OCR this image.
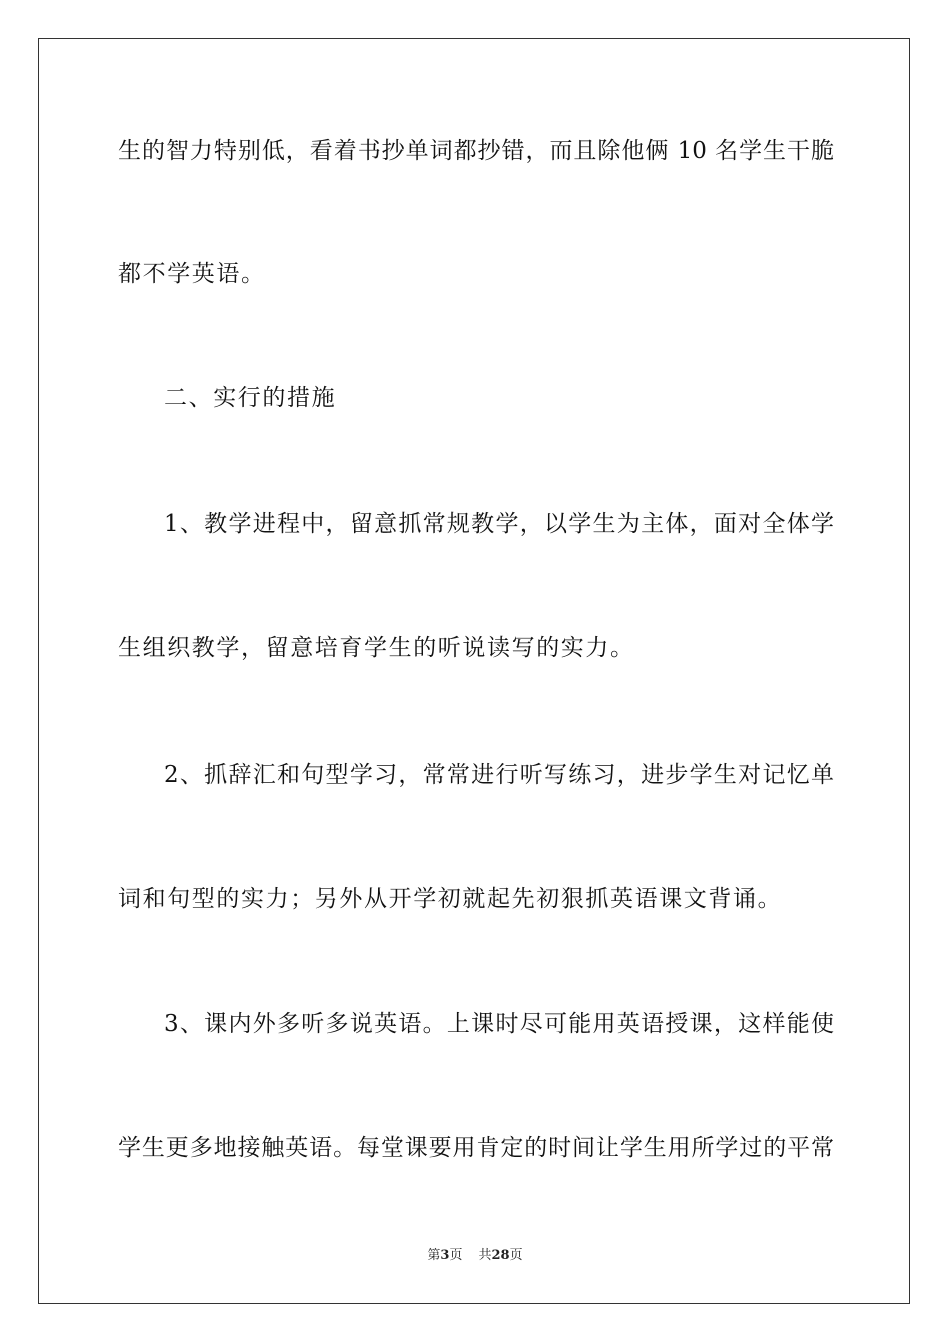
生的智力特别低，看着书抄单词都抄错，而且除他俩 10 名学生干脆
都不学英语。
二、实行的措施
1、教学进程中，留意抓常规教学，以学生为主体，面对全体学
生组织教学，留意培育学生的听说读写的实力。
2、抓辞汇和句型学习，常常进行听写练习，进步学生对记忆单
词和句型的实力；另外从开学初就起先初狠抓英语课文背诵。
3、课内外多听多说英语。上课时尽可能用英语授课，这样能使
学生更多地接触英语。每堂课要用肯定的时间让学生用所学过的平常
第3页 共28页
